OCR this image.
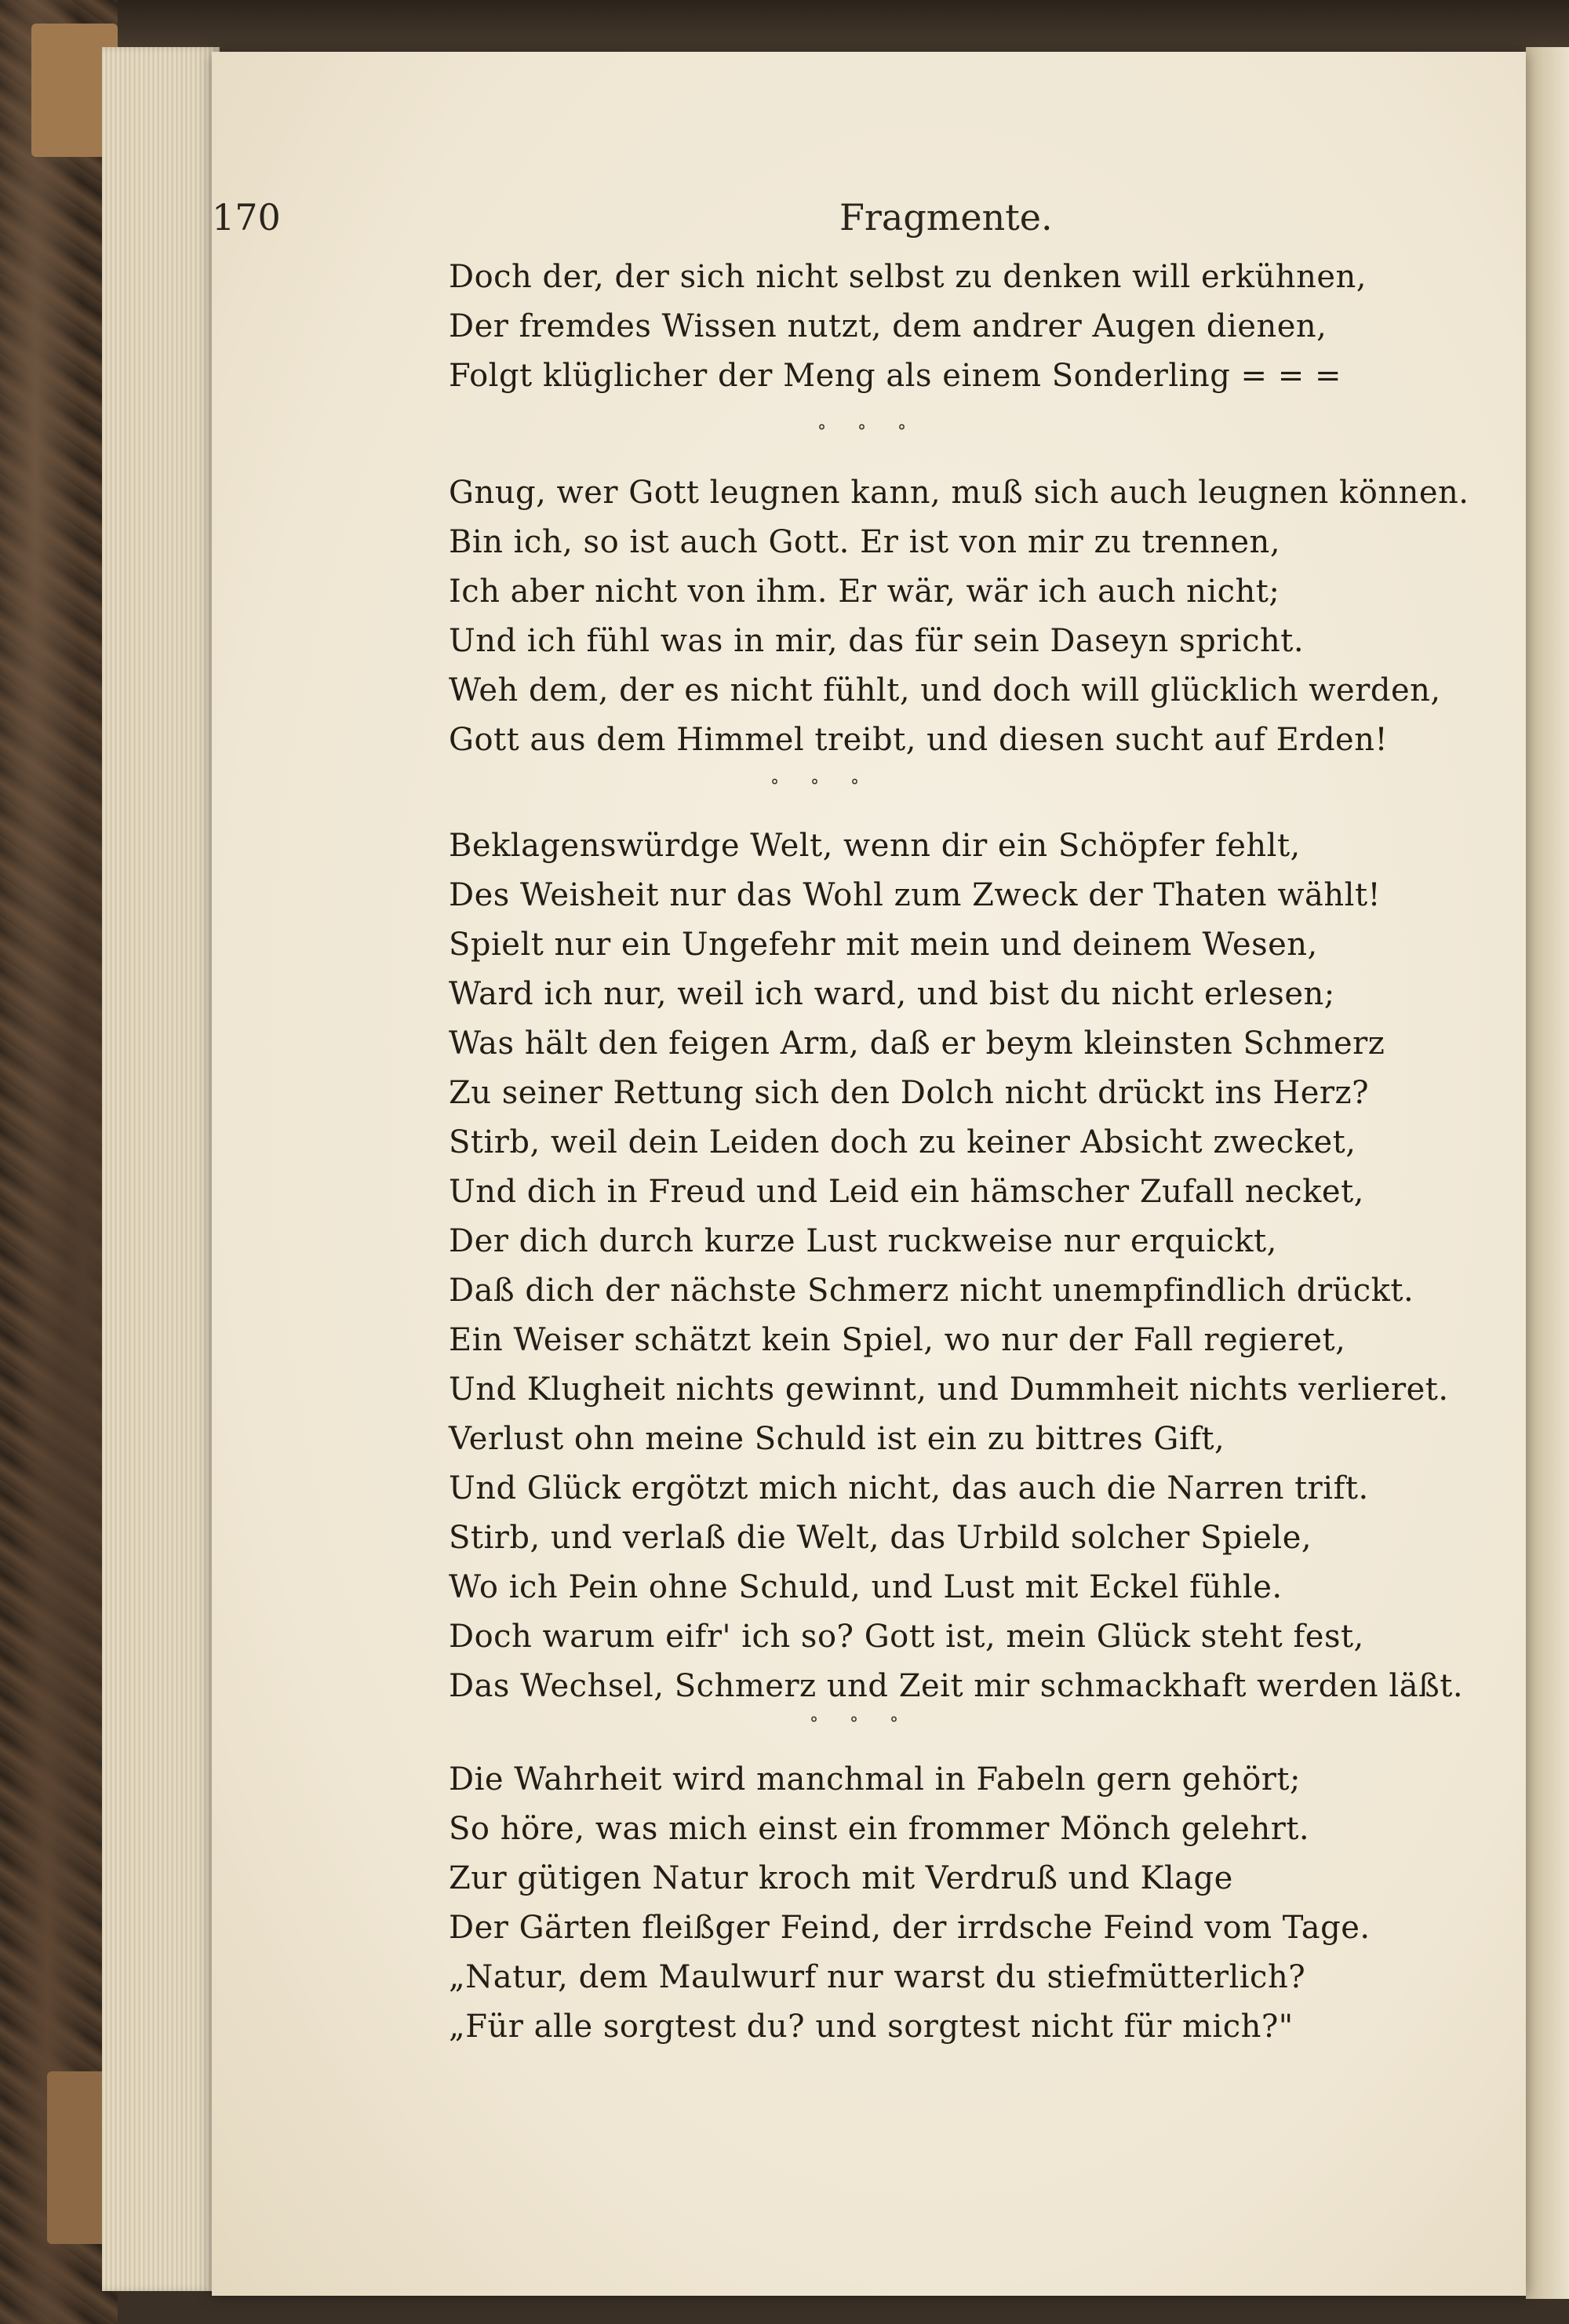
170	Fragmente.
Doch der, der sich nicht selbst zu denken will erkühnen,
Der fremdes Wissen nutzt, dem andrer Augen dienen,
Folgt klüglicher der Meng als einem Sonderling = = =
°°°
Gnug, wer Gott leugnen kann, muß sich auch leugnen können.
Bin ich, so ist auch Gott. Er ist von mir zu trennen,
Ich aber nicht von ihm. Er wär, wär ich auch nicht;
Und ich fühl was in mir, das für sein Daseyn spricht.
Weh dem, der es nicht fühlt, und doch will glücklich werden,
Gott aus dem Himmel treibt, und diesen sucht auf Erden!
°°°
Beklagenswürdge Welt, wenn dir ein Schöpfer fehlt,
Des Weisheit nur das Wohl zum Zweck der Thaten wählt!
Spielt nur ein Ungefehr mit mein und deinem Wesen,
Ward ich nur, weil ich ward, und bist du nicht erlesen;
Was hält den feigen Arm, daß er beym kleinsten Schmerz
Zu seiner Rettung sich den Dolch nicht drückt ins Herz?
Stirb, weil dein Leiden doch zu keiner Absicht zwecket,
Und dich in Freud und Leid ein hämscher Zufall necket,
Der dich durch kurze Lust ruckweise nur erquickt,
Daß dich der nächste Schmerz nicht unempfindlich drückt.
Ein Weiser schätzt kein Spiel, wo nur der Fall regieret,
Und Klugheit nichts gewinnt, und Dummheit nichts verlieret.
Verlust ohn meine Schuld ist ein zu bittres Gift,
Und Glück ergötzt mich nicht, das auch die Narren trift.
Stirb, und verlaß die Welt, das Urbild solcher Spiele,
Wo ich Pein ohne Schuld, und Lust mit Eckel fühle.
Doch warum eifr' ich so? Gott ist, mein Glück steht fest,
Das Wechsel, Schmerz und Zeit mir schmackhaft werden läßt.
°°°
Die Wahrheit wird manchmal in Fabeln gern gehört;
So höre, was mich einst ein frommer Mönch gelehrt.
Zur gütigen Natur kroch mit Verdruß und Klage
Der Gärten fleißger Feind, der irrdsche Feind vom Tage.
„Natur, dem Maulwurf nur warst du stiefmütterlich?
„Für alle sorgtest du? und sorgtest nicht für mich?"
